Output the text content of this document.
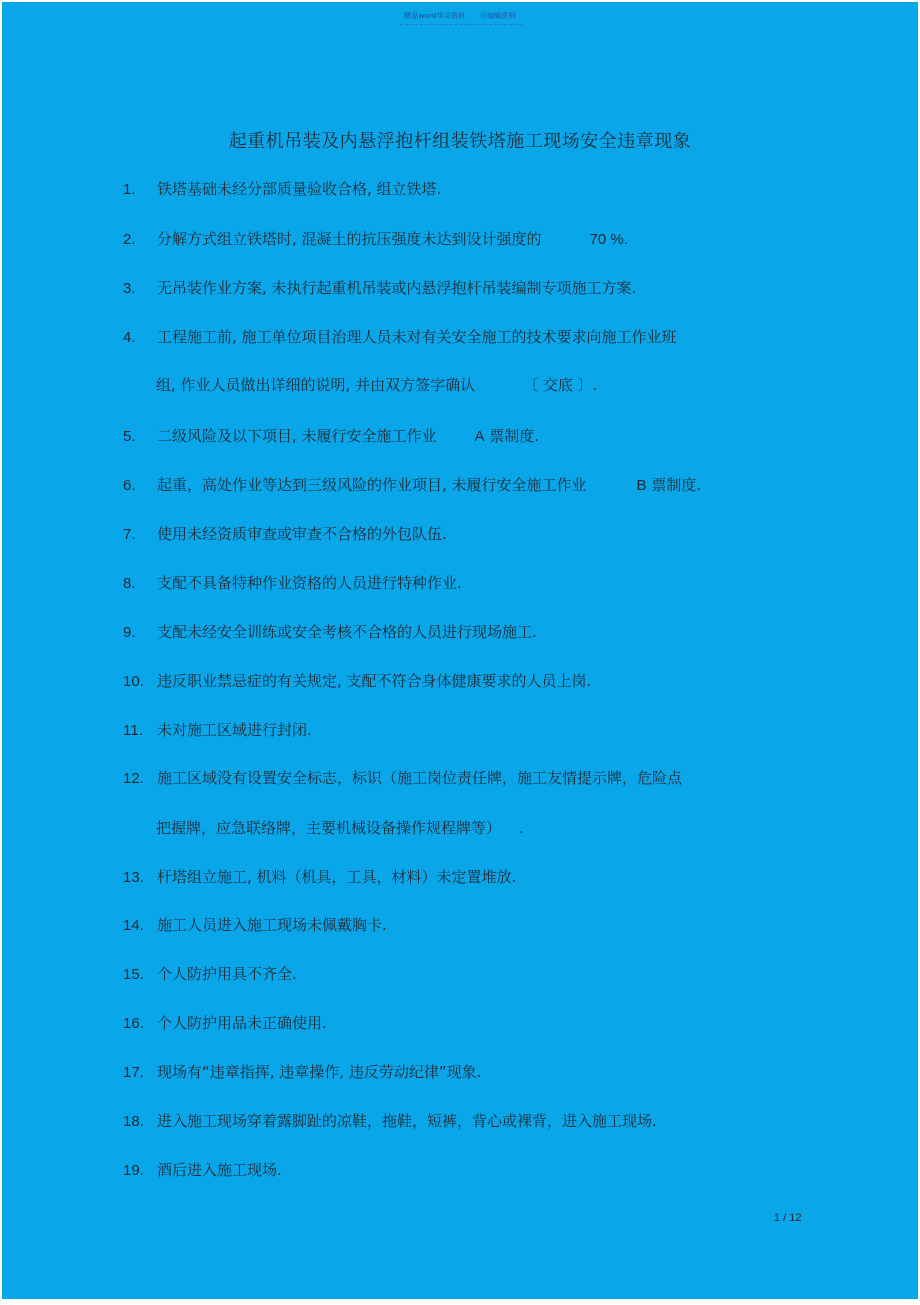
精品word学习资料 可编辑资料
起重机吊装及内悬浮抱杆组装铁塔施工现场安全违章现象
1. 铁塔基础未经分部质量验收合格, 组立铁塔.
2. 分解方式组立铁塔时, 混凝土的抗压强度未达到设计强度的	70 %.
3. 无吊装作业方案, 未执行起重机吊装或内悬浮抱杆吊装编制专项施工方案.
4. 工程施工前, 施工单位项目治理人员未对有关安全施工的技术要求向施工作业班
组, 作业人员做出详细的说明, 并由双方签字确认	〔 交底 〕.
5. 二级风险及以下项目, 未履行安全施工作业	A 票制度.
6. 起重，高处作业等达到三级风险的作业项目, 未履行安全施工作业	B 票制度.
7. 使用未经资质审查或审查不合格的外包队伍.
8. 支配不具备特种作业资格的人员进行特种作业.
9. 支配未经安全训练或安全考核不合格的人员进行现场施工.
10. 违反职业禁忌症的有关规定, 支配不符合身体健康要求的人员上岗.
11. 未对施工区域进行封闭.
12. 施工区域没有设置安全标志，标识（施工岗位责任牌，施工友情提示牌，危险点
把握牌，应急联络牌，主要机械设备操作规程牌等） .
13. 杆塔组立施工, 机料（机具，工具，材料）未定置堆放.
14. 施工人员进入施工现场未佩戴胸卡.
15. 个人防护用具不齐全.
16. 个人防护用品未正确使用.
17. 现场有“违章指挥, 违章操作, 违反劳动纪律”现象.
18. 进入施工现场穿着露脚趾的凉鞋，拖鞋，短裤，背心或裸背，进入施工现场.
19. 酒后进入施工现场.
1 / 12
